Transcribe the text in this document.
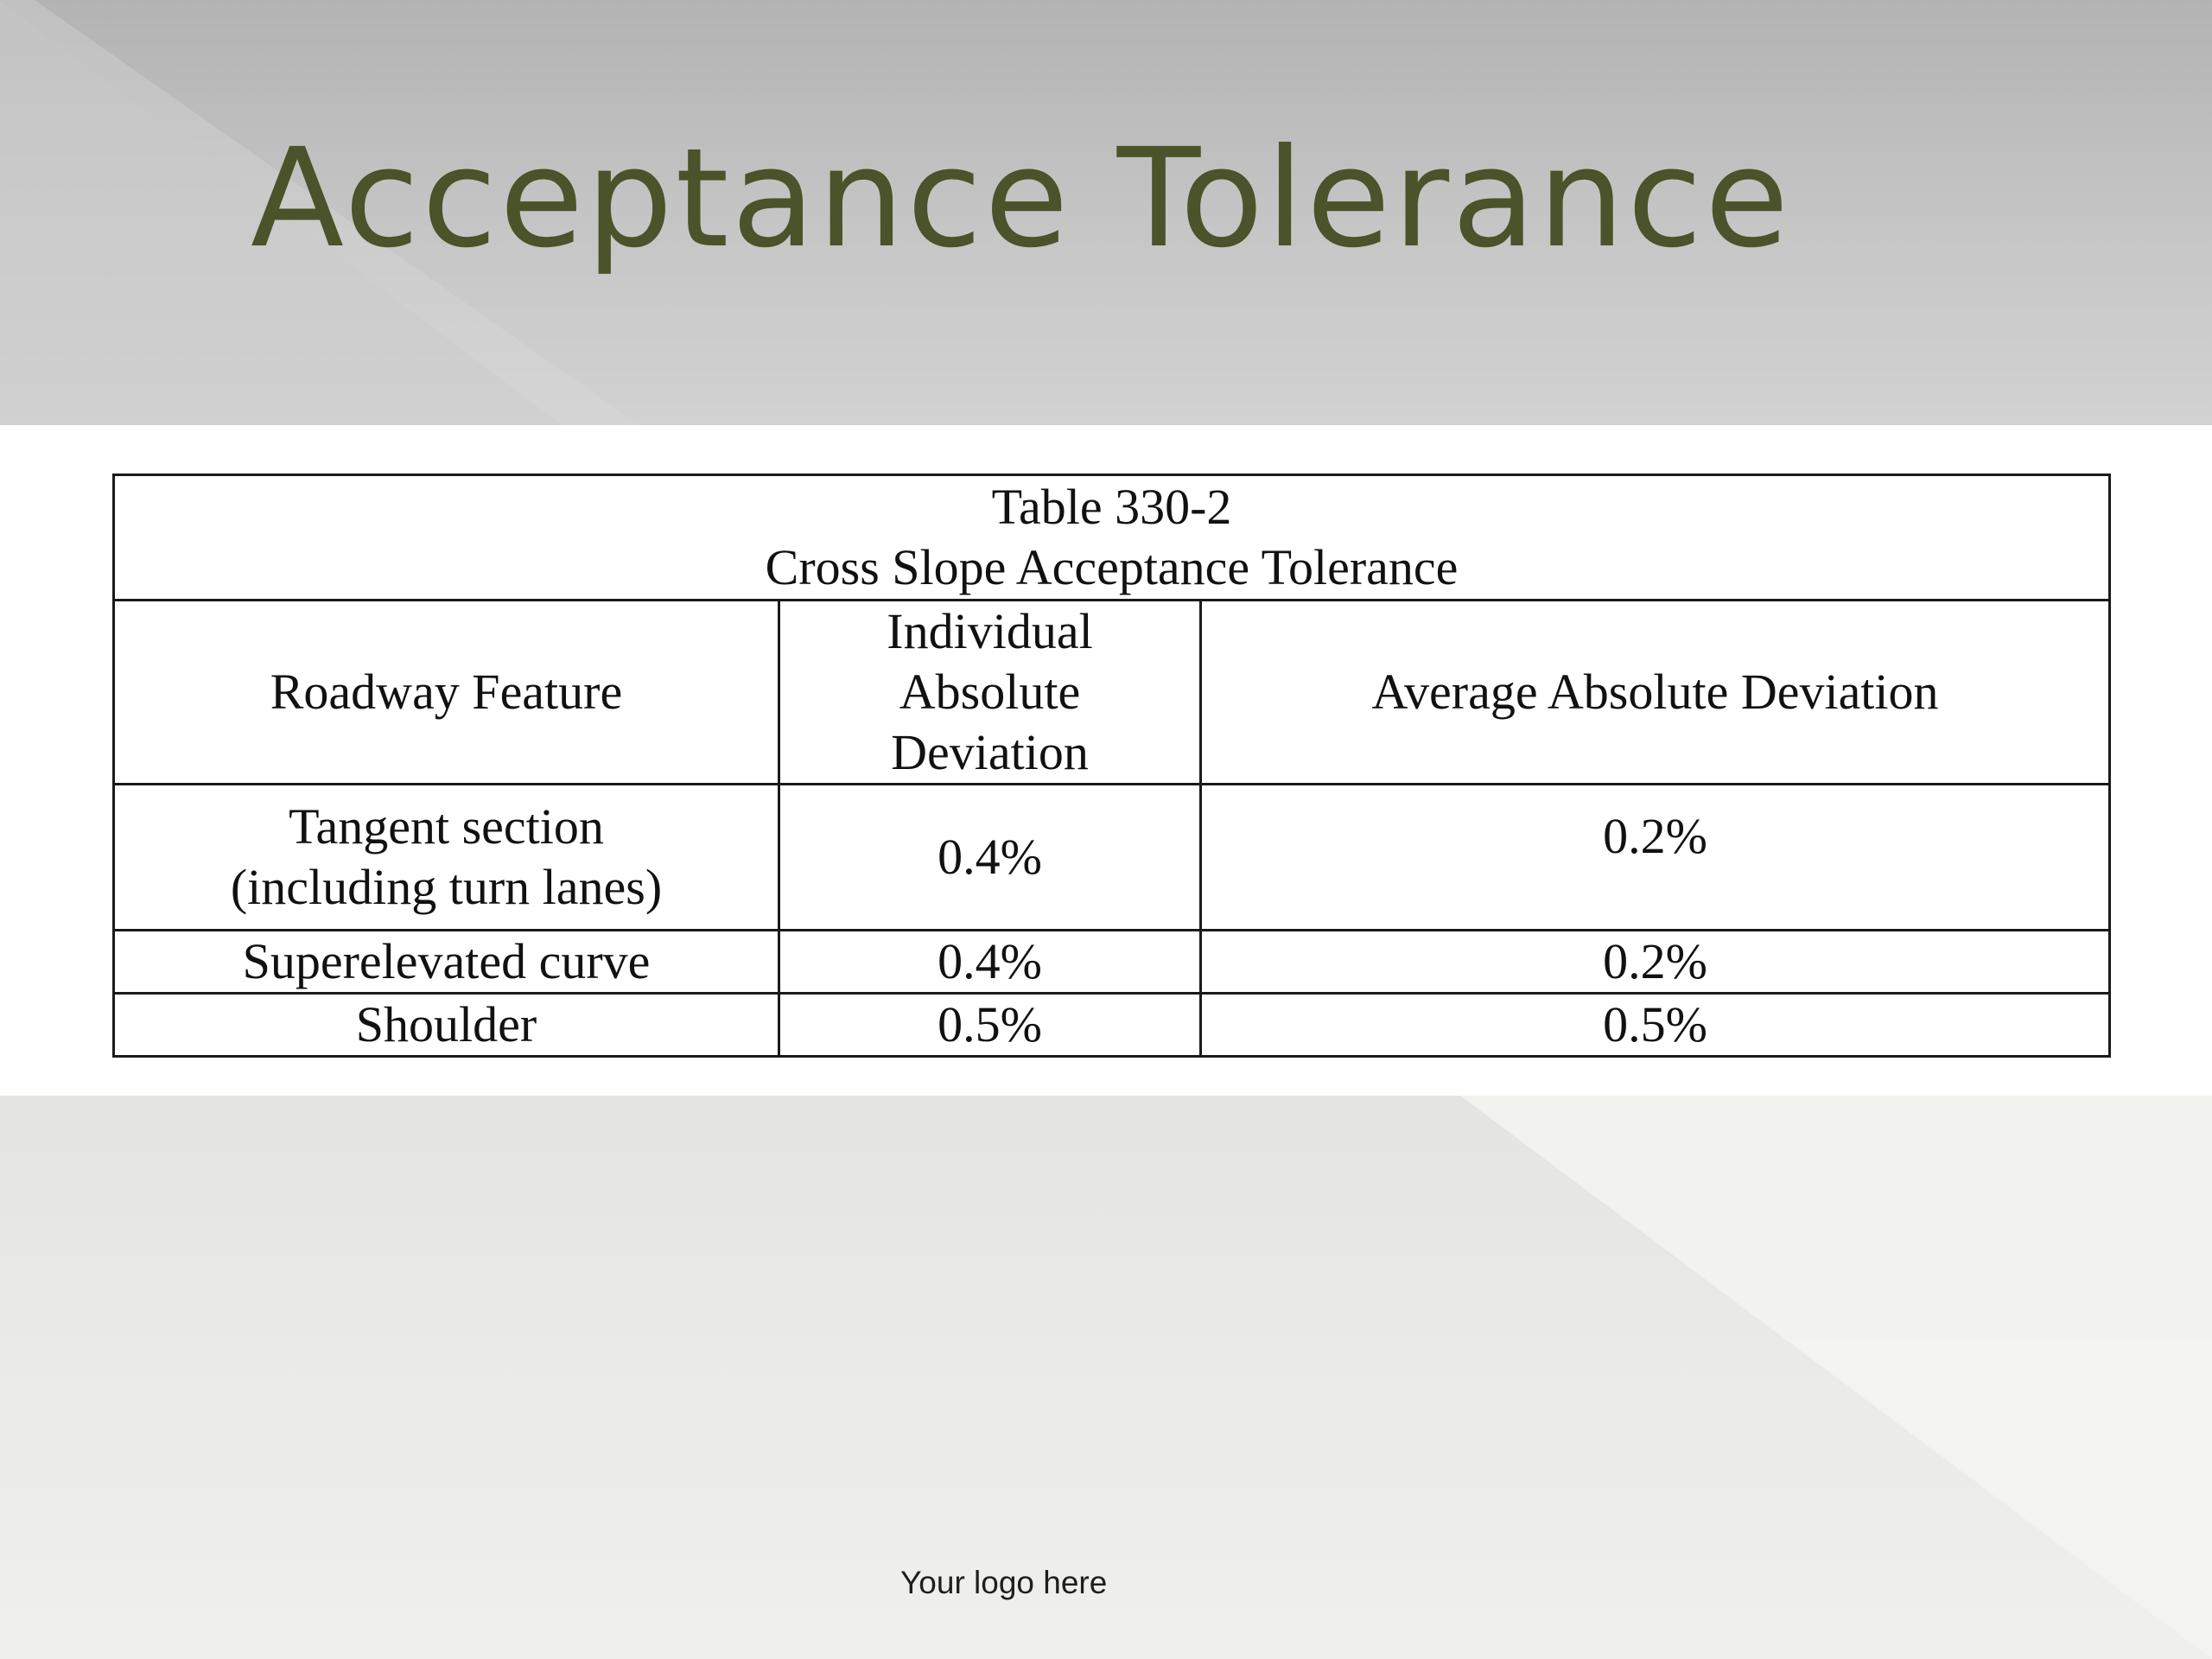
Acceptance Tolerance
Table 330-2
Cross Slope Acceptance Tolerance		

Roadway Feature	Individual Absolute Deviation	Average Absolute Deviation

Tangent section
(including turn lanes)	0.4%	0.2%
Superelevated curve	0.4%	0.2%
Shoulder	0.5%	0.5%
Your logo here
